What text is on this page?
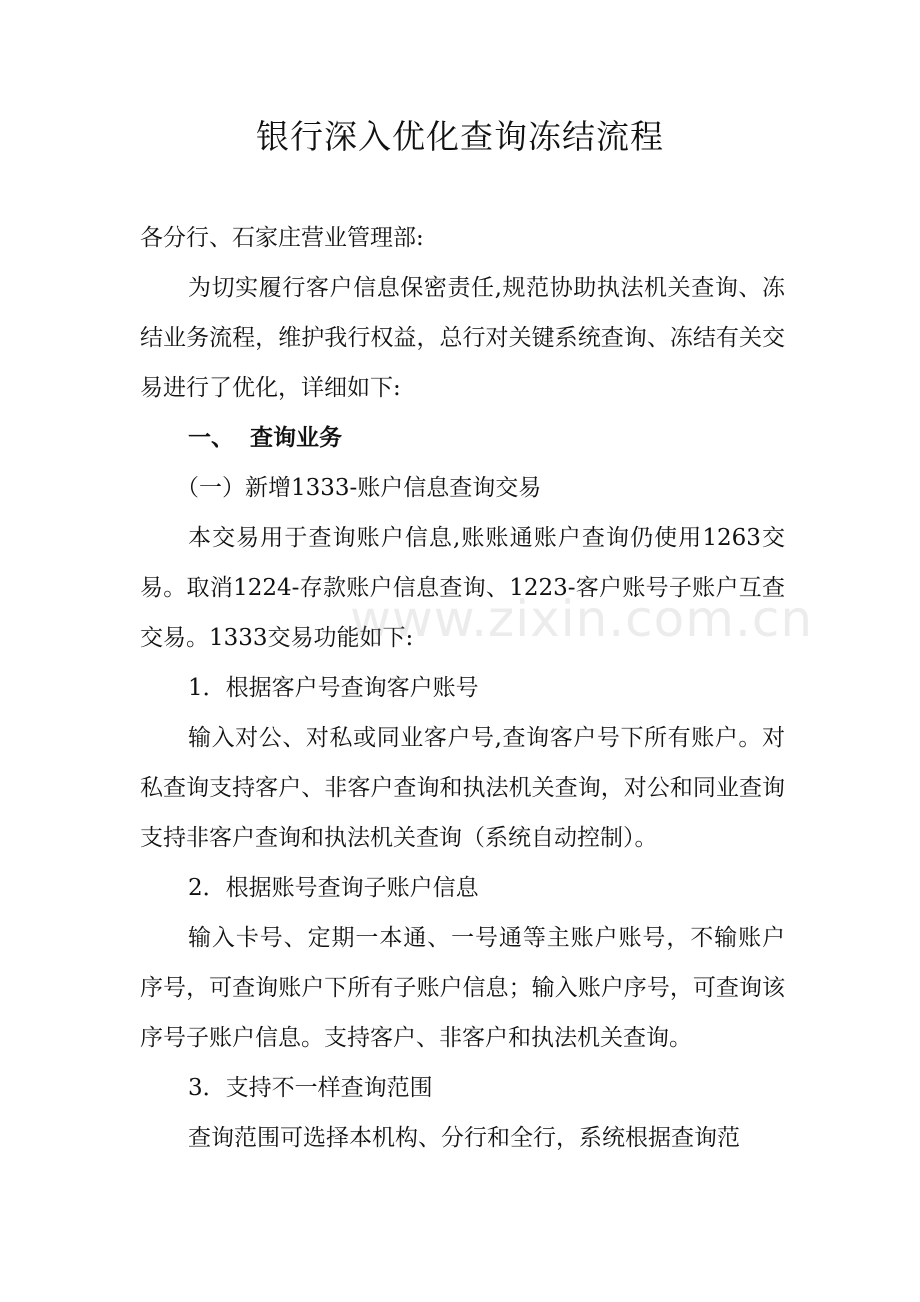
银行深入优化查询冻结流程

各分行、石家庄营业管理部:

为切实履行客户信息保密责任,规范协助执法机关查询、冻结业务流程，维护我行权益，总行对关键系统查询、冻结有关交易进行了优化，详细如下:

一、 查询业务

（一）新增1333-账户信息查询交易

本交易用于查询账户信息,账账通账户查询仍使用1263交易。取消1224-存款账户信息查询、1223-客户账号子账户互查交易。1333交易功能如下:

1．根据客户号查询客户账号

输入对公、对私或同业客户号,查询客户号下所有账户。对私查询支持客户、非客户查询和执法机关查询，对公和同业查询支持非客户查询和执法机关查询（系统自动控制）。

2．根据账号查询子账户信息

输入卡号、定期一本通、一号通等主账户账号，不输账户序号，可查询账户下所有子账户信息；输入账户序号，可查询该序号子账户信息。支持客户、非客户和执法机关查询。

3．支持不一样查询范围

查询范围可选择本机构、分行和全行，系统根据查询范

www.zixin.com.cn
